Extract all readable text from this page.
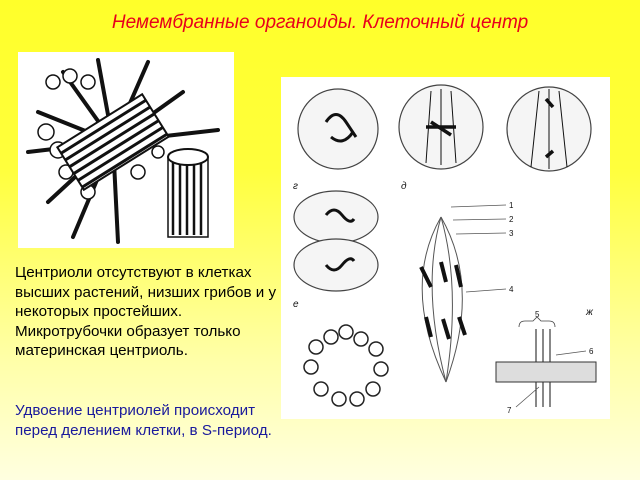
Немембранные органоиды. Клеточный центр
г	д
1
2
3
4
е
ж
5
6
7
Центриоли отсутствуют в клетках высших растений, низших грибов и у некоторых простейших. Микротрубочки образует только материнская центриоль.
Удвоение центриолей происходит перед делением клетки, в S-период.
